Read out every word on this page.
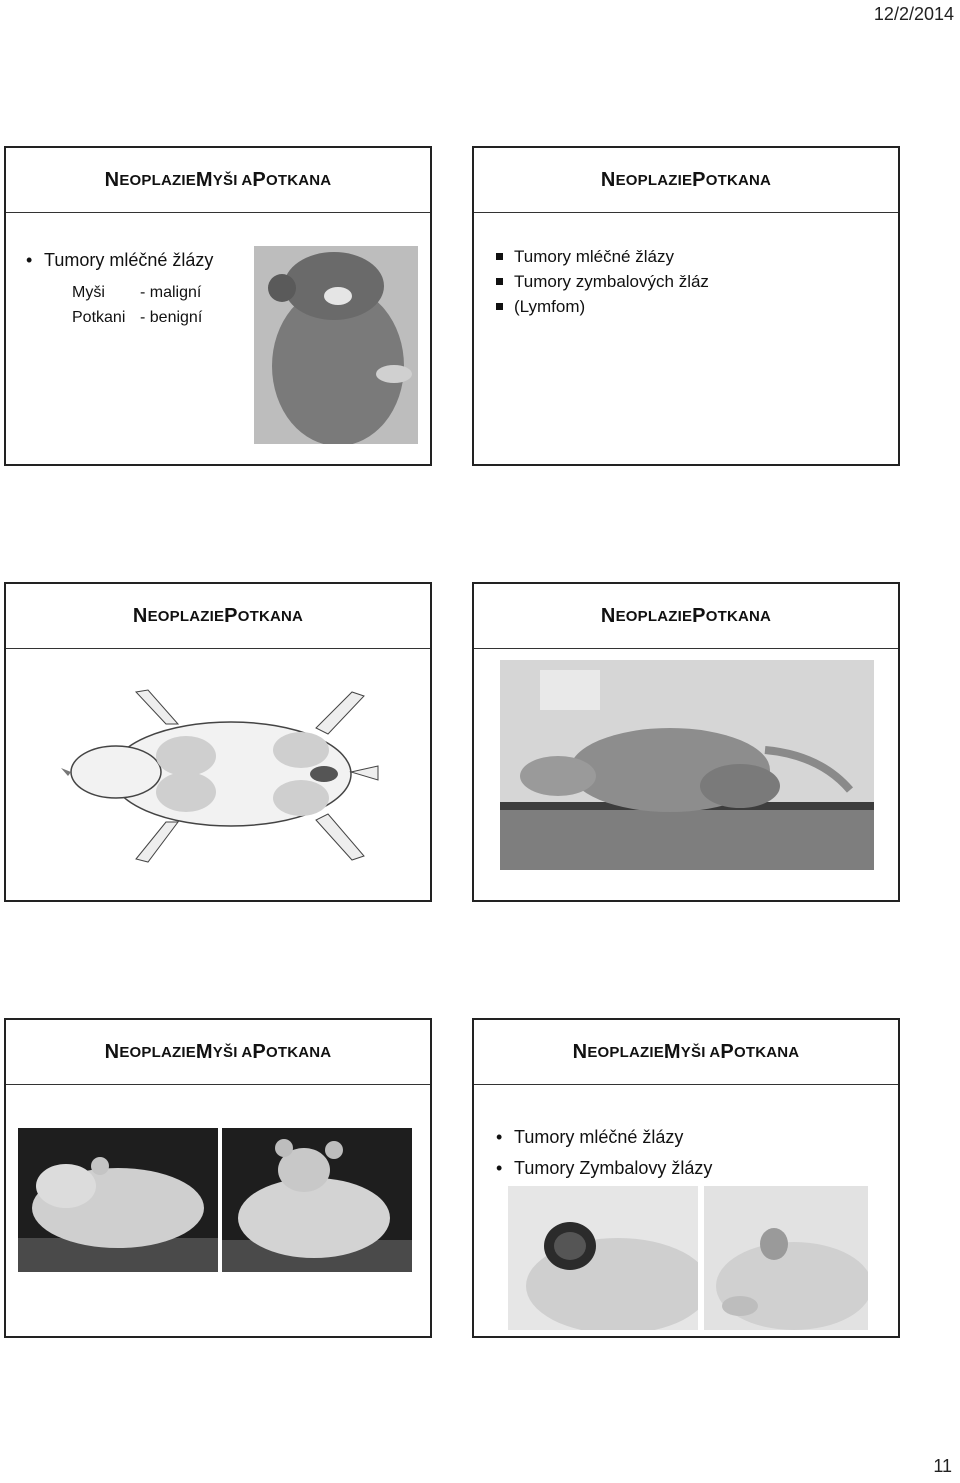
12/2/2014
N EOPLAZIE M YŠI A P OTKANA
• Tumory mléčné žlázy
Myši - maligní
Potkani - benigní
N EOPLAZIE P OTKANA
Tumory mléčné žlázy
Tumory zymbalových žláz
(Lymfom)
N EOPLAZIE P OTKANA	N EOPLAZIE P OTKANA
N EOPLAZIE M YŠI A P OTKANA	N EOPLAZIE M YŠI A P OTKANA
• Tumory mléčné žlázy
• Tumory Zymbalovy žlázy
11
